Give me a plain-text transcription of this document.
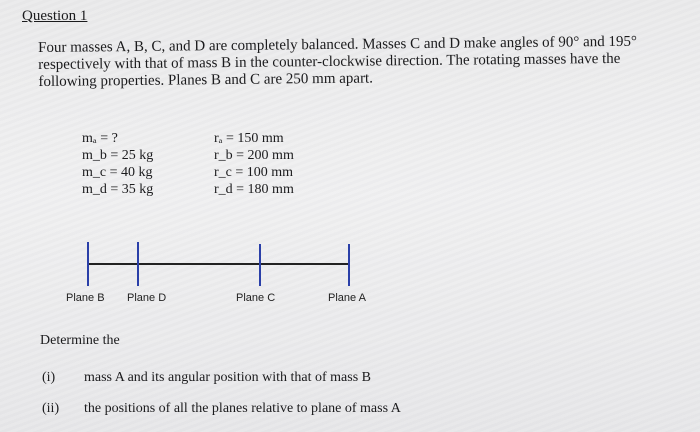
Question 1
Four masses A, B, C, and D are completely balanced. Masses C and D make angles of 90° and 195° respectively with that of mass B in the counter-clockwise direction. The rotating masses have the following properties. Planes B and C are 250 mm apart.
mₐ = ?
m_b = 25 kg
m_c = 40 kg
m_d = 35 kg
rₐ = 150 mm
r_b = 200 mm
r_c = 100 mm
r_d = 180 mm
Plane B Plane D	Plane C	Plane A
Determine the
(i) mass A and its angular position with that of mass B
(ii) the positions of all the planes relative to plane of mass A
